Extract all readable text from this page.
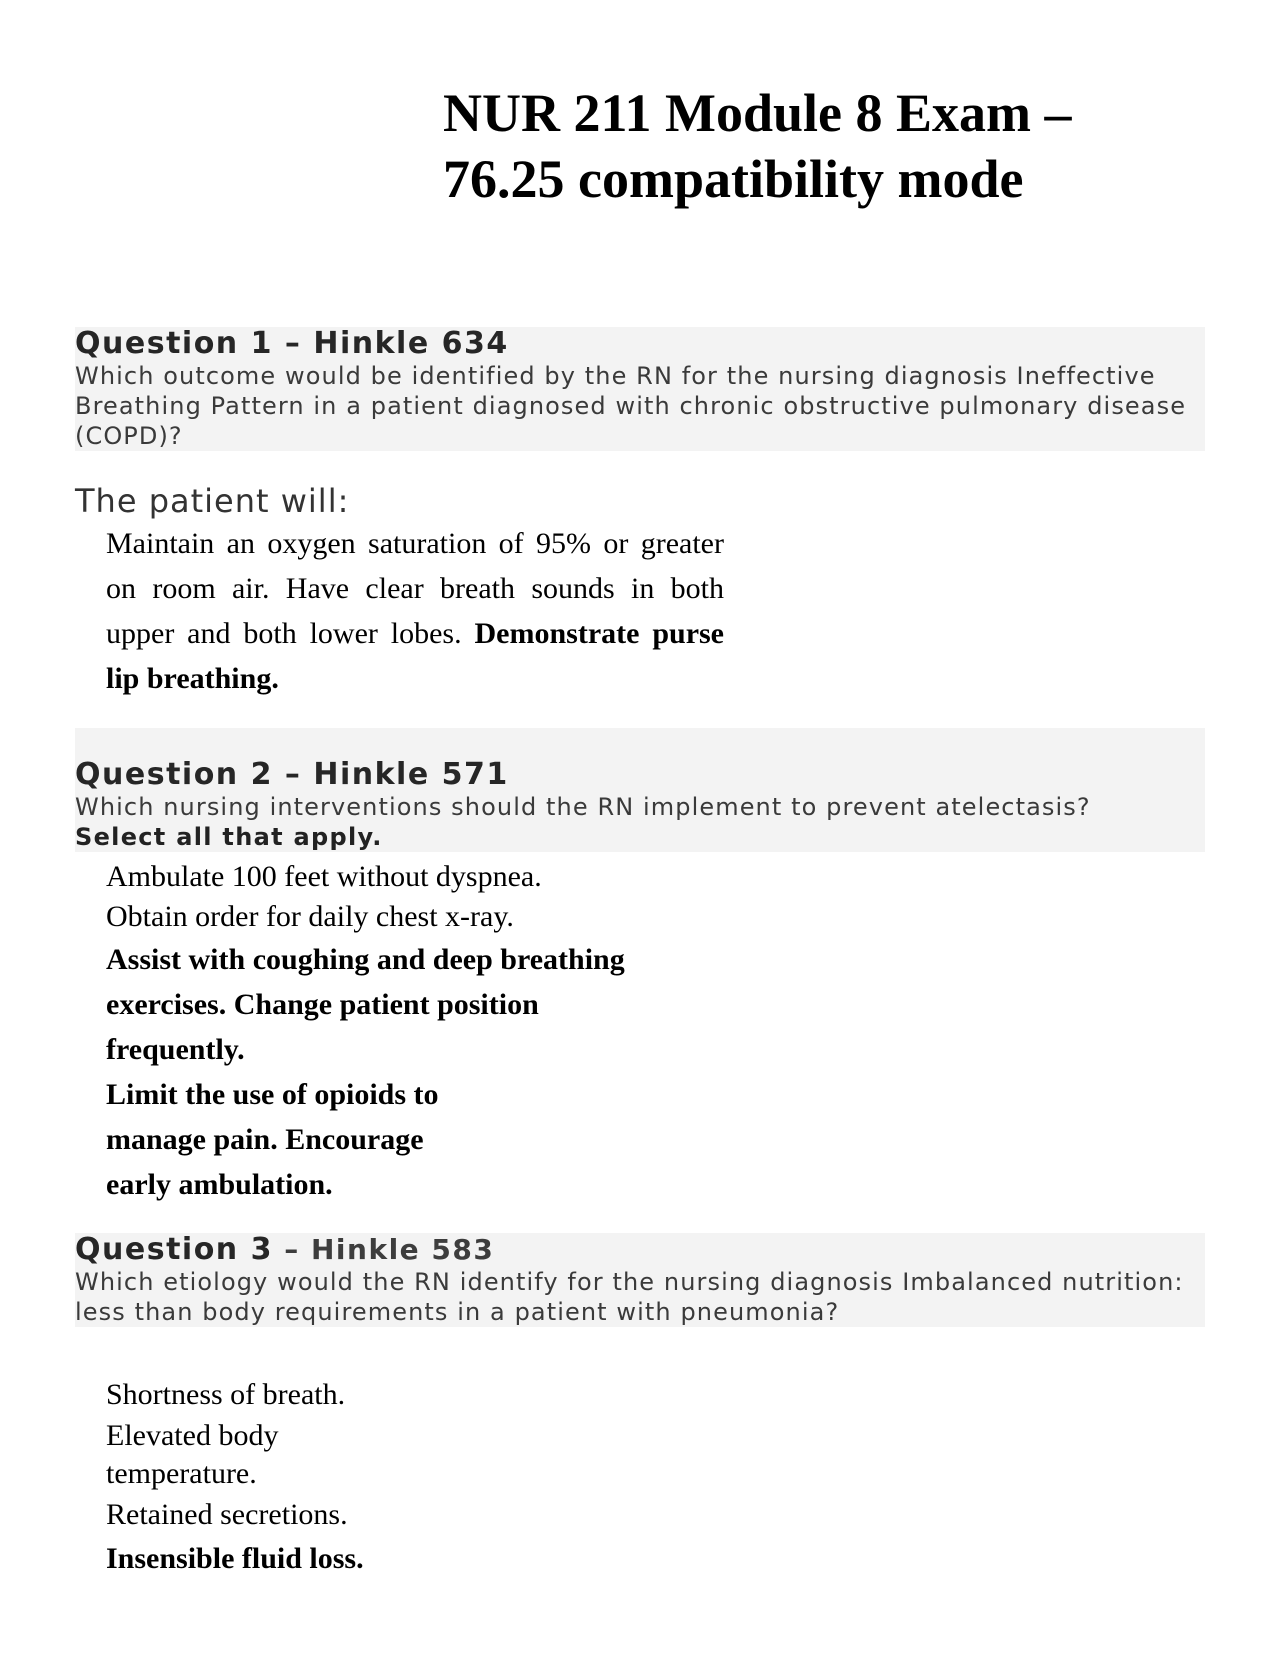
NUR 211 Module 8 Exam – 76.25 compatibility mode
Question 1 – Hinkle 634
Which outcome would be identified by the RN for the nursing diagnosis Ineffective Breathing Pattern in a patient diagnosed with chronic obstructive pulmonary disease (COPD)?
The patient will:
Maintain an oxygen saturation of 95% or greater on room air. Have clear breath sounds in both upper and both lower lobes. Demonstrate purse lip breathing.
Question 2 – Hinkle 571
Which nursing interventions should the RN implement to prevent atelectasis?
Select all that apply.
Ambulate 100 feet without dyspnea.
Obtain order for daily chest x-ray.
Assist with coughing and deep breathing exercises. Change patient position frequently.
Limit the use of opioids to manage pain. Encourage early ambulation.
Question 3 – Hinkle 583
Which etiology would the RN identify for the nursing diagnosis Imbalanced nutrition: less than body requirements in a patient with pneumonia?
Shortness of breath.
Elevated body temperature.
Retained secretions.
Insensible fluid loss.
